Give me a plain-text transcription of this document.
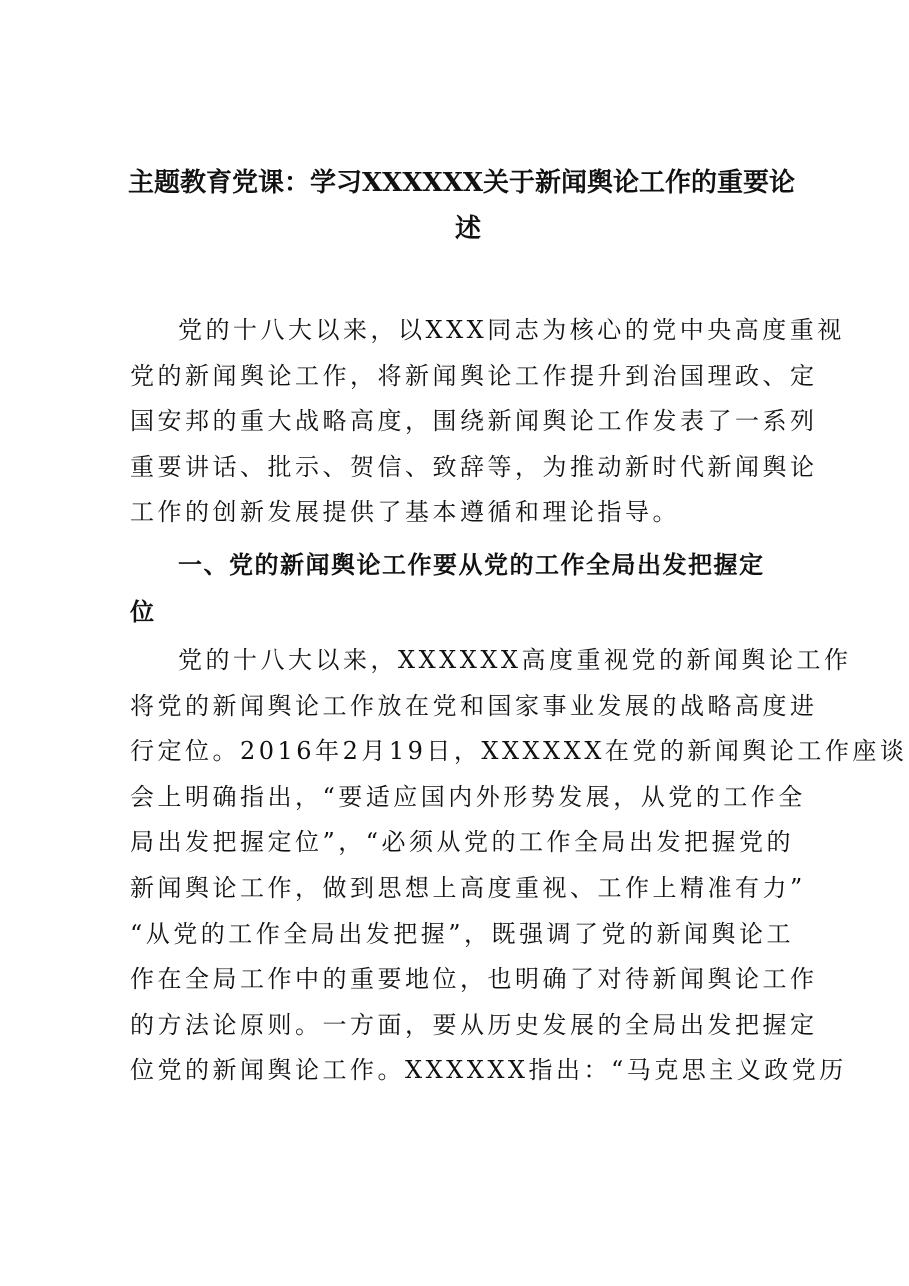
主题教育党课：学习XXXXXX关于新闻舆论工作的重要论
述
党的十八大以来，以XXX同志为核心的党中央高度重视
党的新闻舆论工作，将新闻舆论工作提升到治国理政、定
国安邦的重大战略高度，围绕新闻舆论工作发表了一系列
重要讲话、批示、贺信、致辞等，为推动新时代新闻舆论
工作的创新发展提供了基本遵循和理论指导。
一、党的新闻舆论工作要从党的工作全局出发把握定
位
党的十八大以来，XXXXXX高度重视党的新闻舆论工作
将党的新闻舆论工作放在党和国家事业发展的战略高度进
行定位。2016年2月19日，XXXXXX在党的新闻舆论工作座谈
会上明确指出，“要适应国内外形势发展，从党的工作全
局出发把握定位”，“必须从党的工作全局出发把握党的
新闻舆论工作，做到思想上高度重视、工作上精准有力”
“从党的工作全局出发把握”，既强调了党的新闻舆论工
作在全局工作中的重要地位，也明确了对待新闻舆论工作
的方法论原则。一方面，要从历史发展的全局出发把握定
位党的新闻舆论工作。XXXXXX指出：“马克思主义政党历
